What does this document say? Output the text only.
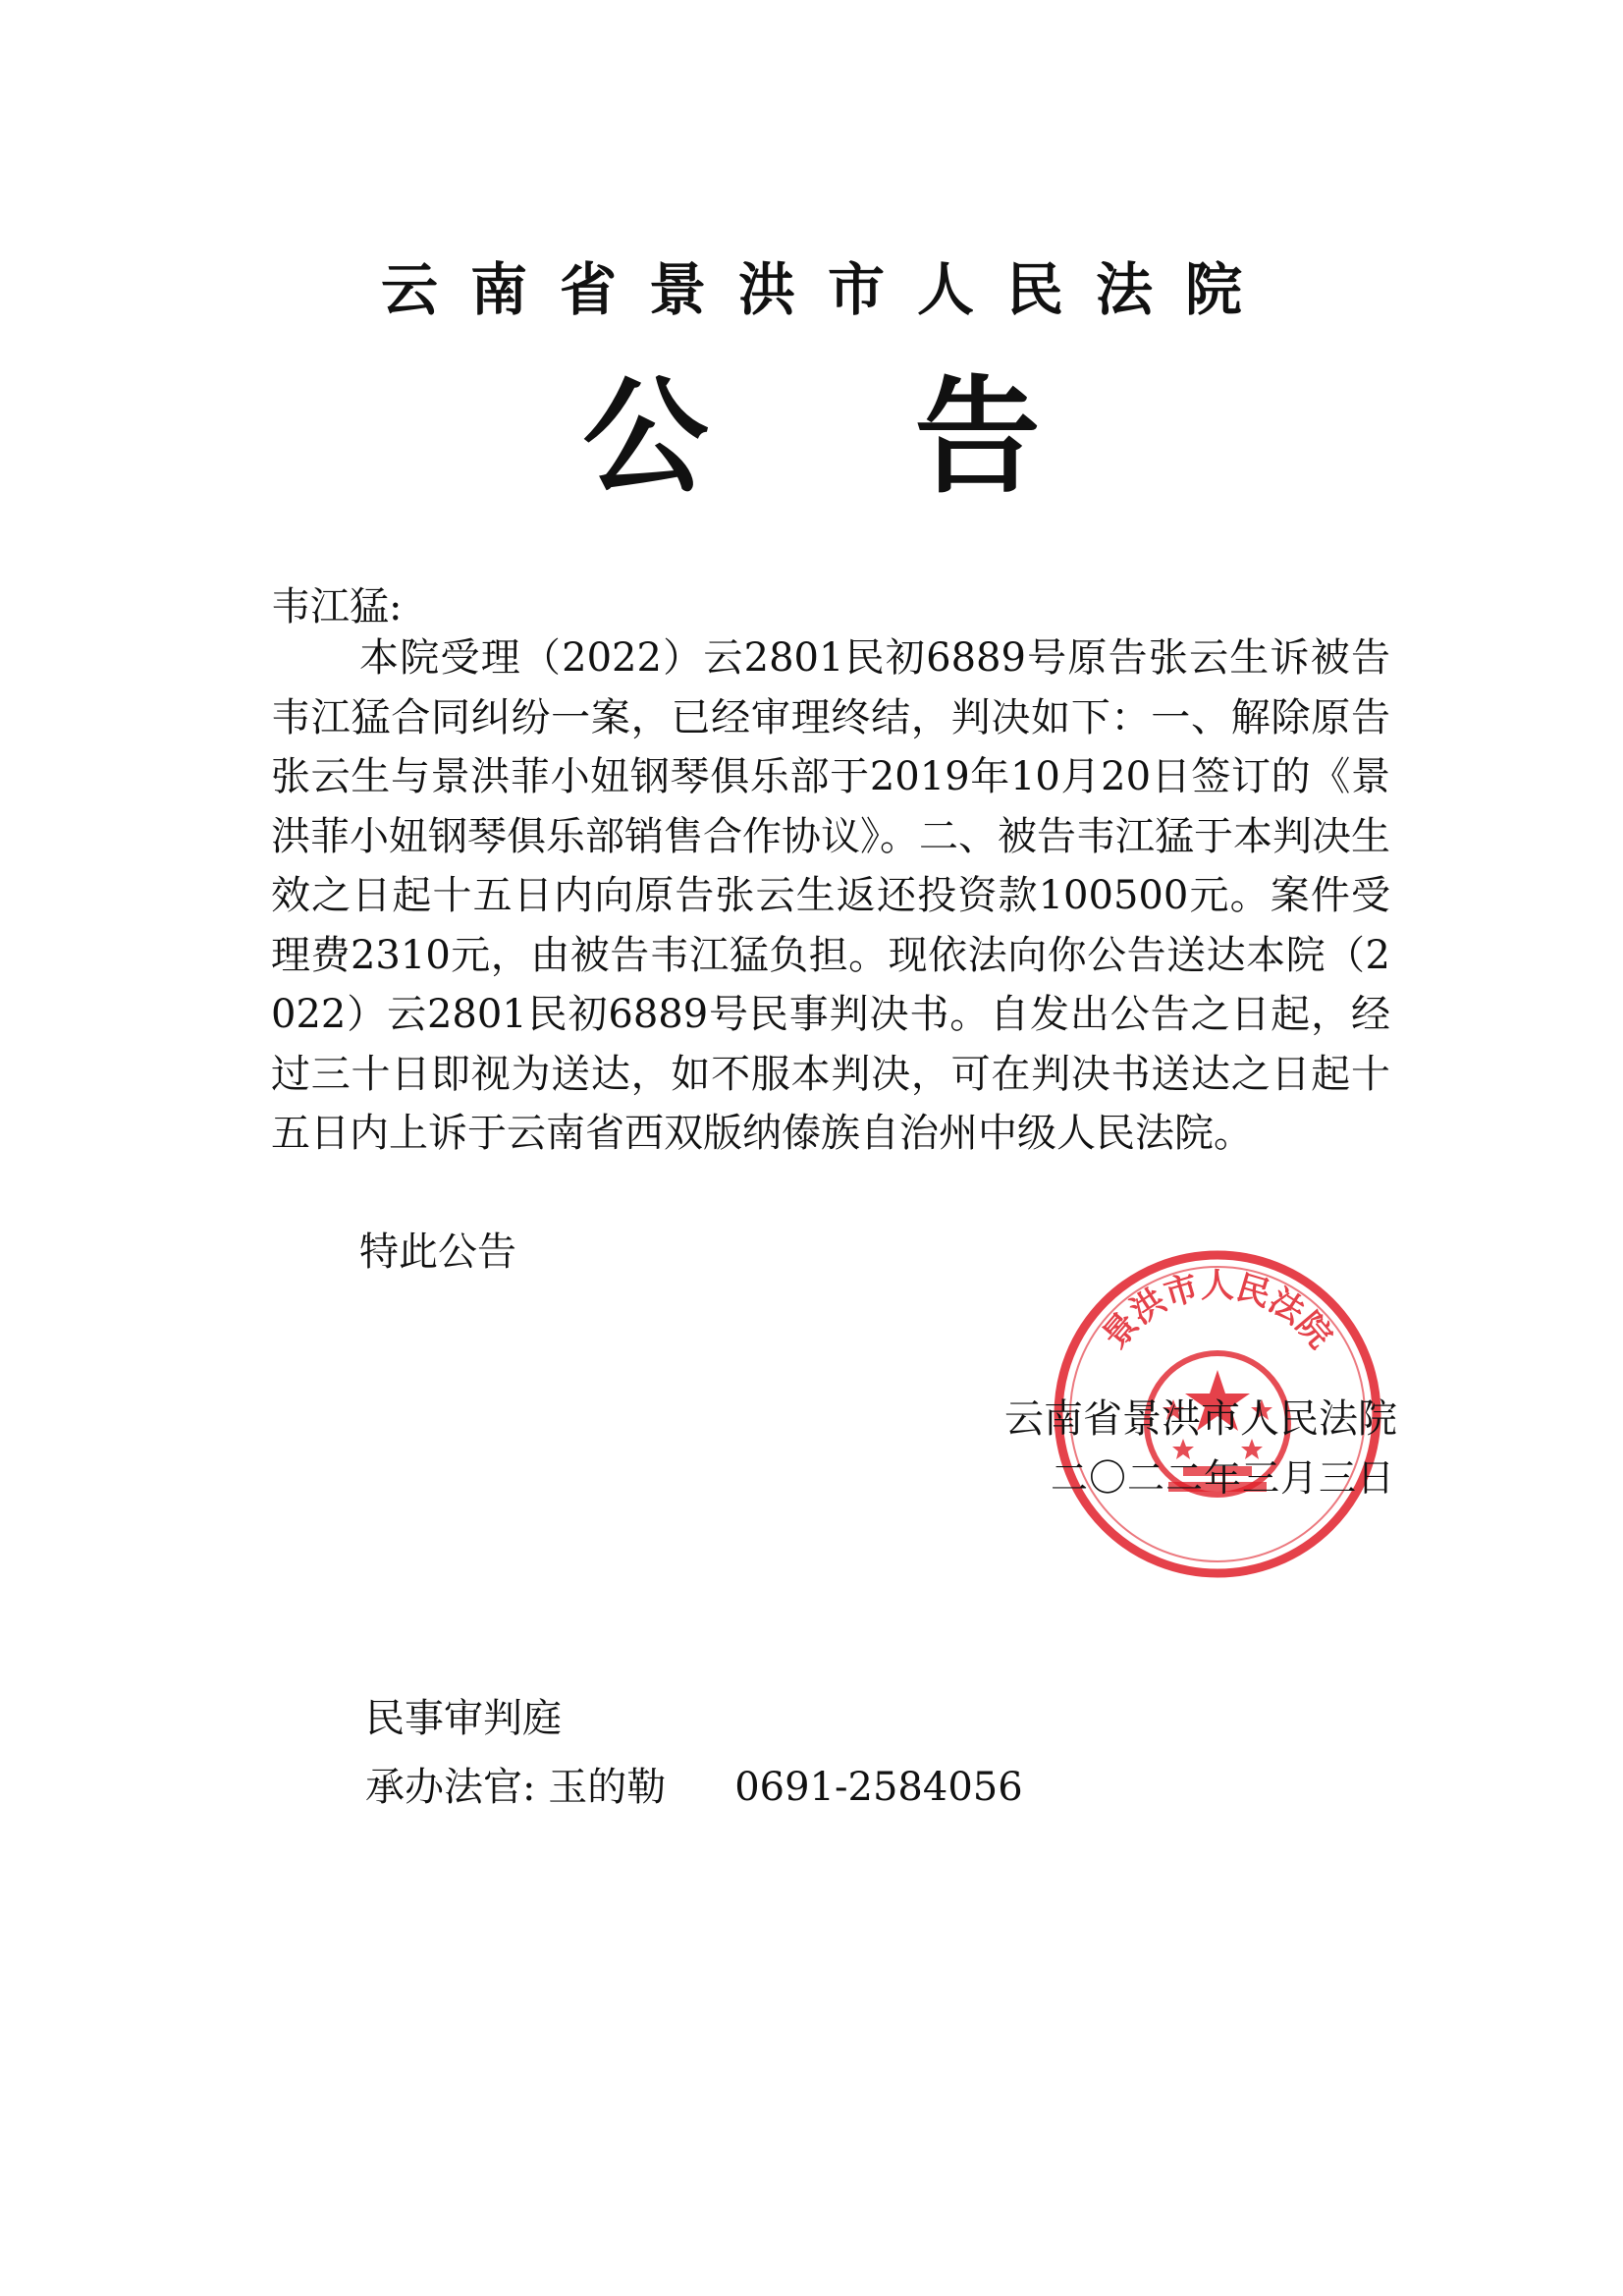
云南省景洪市人民法院
公告
韦江猛:
本院受理（2022）云2801民初6889号原告张云生诉被告韦江猛合同纠纷一案，已经审理终结，判决如下：一、解除原告张云生与景洪菲小妞钢琴俱乐部于2019年10月20日签订的《景洪菲小妞钢琴俱乐部销售合作协议》。二、被告韦江猛于本判决生效之日起十五日内向原告张云生返还投资款100500元。案件受理费2310元，由被告韦江猛负担。现依法向你公告送达本院（2022）云2801民初6889号民事判决书。自发出公告之日起，经过三十日即视为送达，如不服本判决，可在判决书送达之日起十五日内上诉于云南省西双版纳傣族自治州中级人民法院。
特此公告
景洪市人民法院
云南省景洪市人民法院
二〇二二年三月三日
民事审判庭
承办法官: 玉的勒 0691-2584056
